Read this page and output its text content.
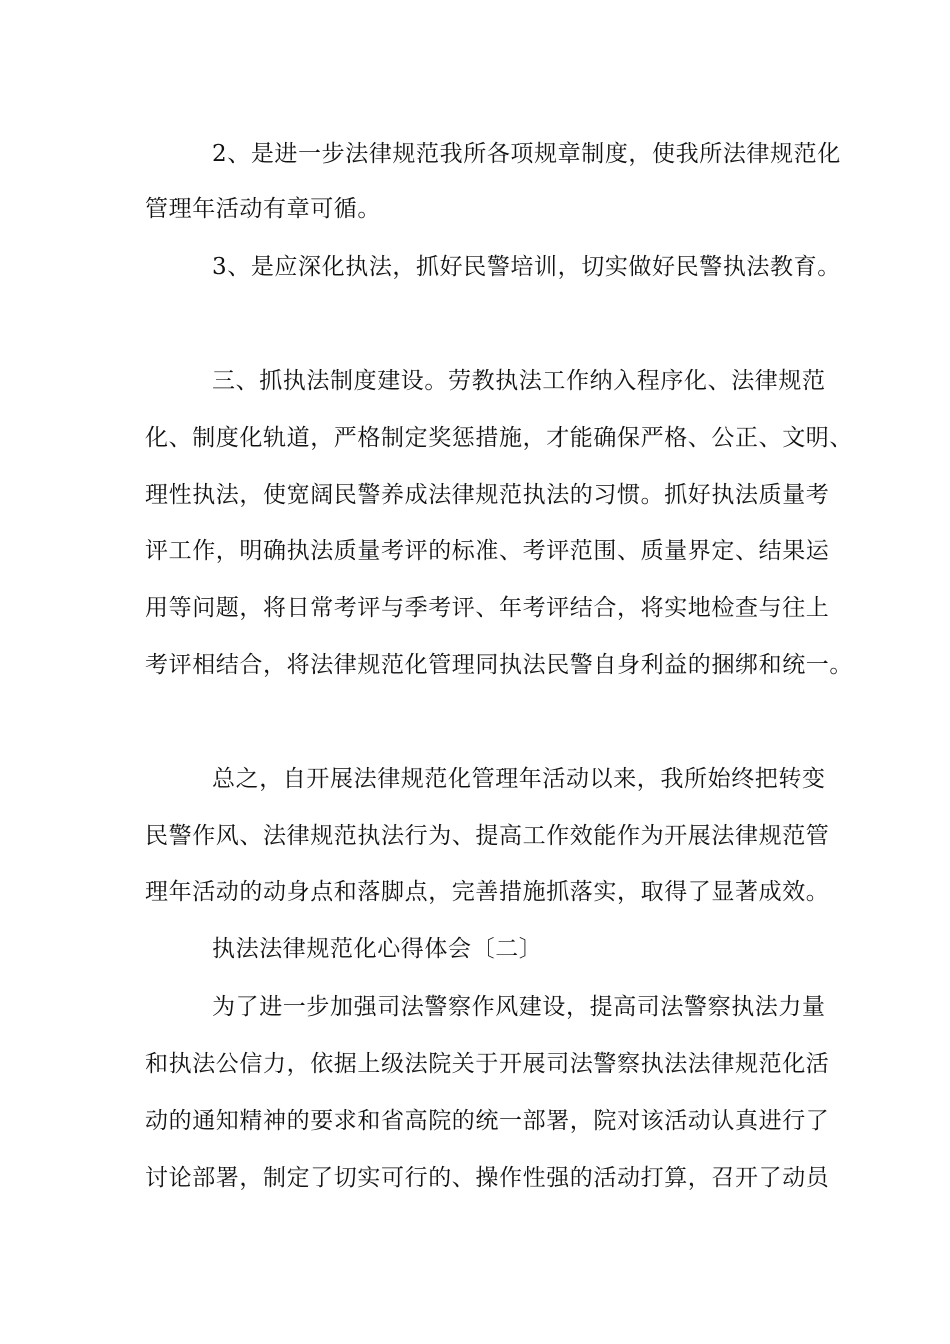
2、是进一步法律规范我所各项规章制度，使我所法律规范化
管理年活动有章可循。
3、是应深化执法，抓好民警培训，切实做好民警执法教育。
三、抓执法制度建设。劳教执法工作纳入程序化、法律规范
化、制度化轨道，严格制定奖惩措施，才能确保严格、公正、文明、
理性执法，使宽阔民警养成法律规范执法的习惯。抓好执法质量考
评工作，明确执法质量考评的标准、考评范围、质量界定、结果运
用等问题，将日常考评与季考评、年考评结合，将实地检查与往上
考评相结合，将法律规范化管理同执法民警自身利益的捆绑和统一。
总之，自开展法律规范化管理年活动以来，我所始终把转变
民警作风、法律规范执法行为、提高工作效能作为开展法律规范管
理年活动的动身点和落脚点，完善措施抓落实，取得了显著成效。
执法法律规范化心得体会〔二〕
为了进一步加强司法警察作风建设，提高司法警察执法力量
和执法公信力，依据上级法院关于开展司法警察执法法律规范化活
动的通知精神的要求和省高院的统一部署，院对该活动认真进行了
讨论部署，制定了切实可行的、操作性强的活动打算，召开了动员
